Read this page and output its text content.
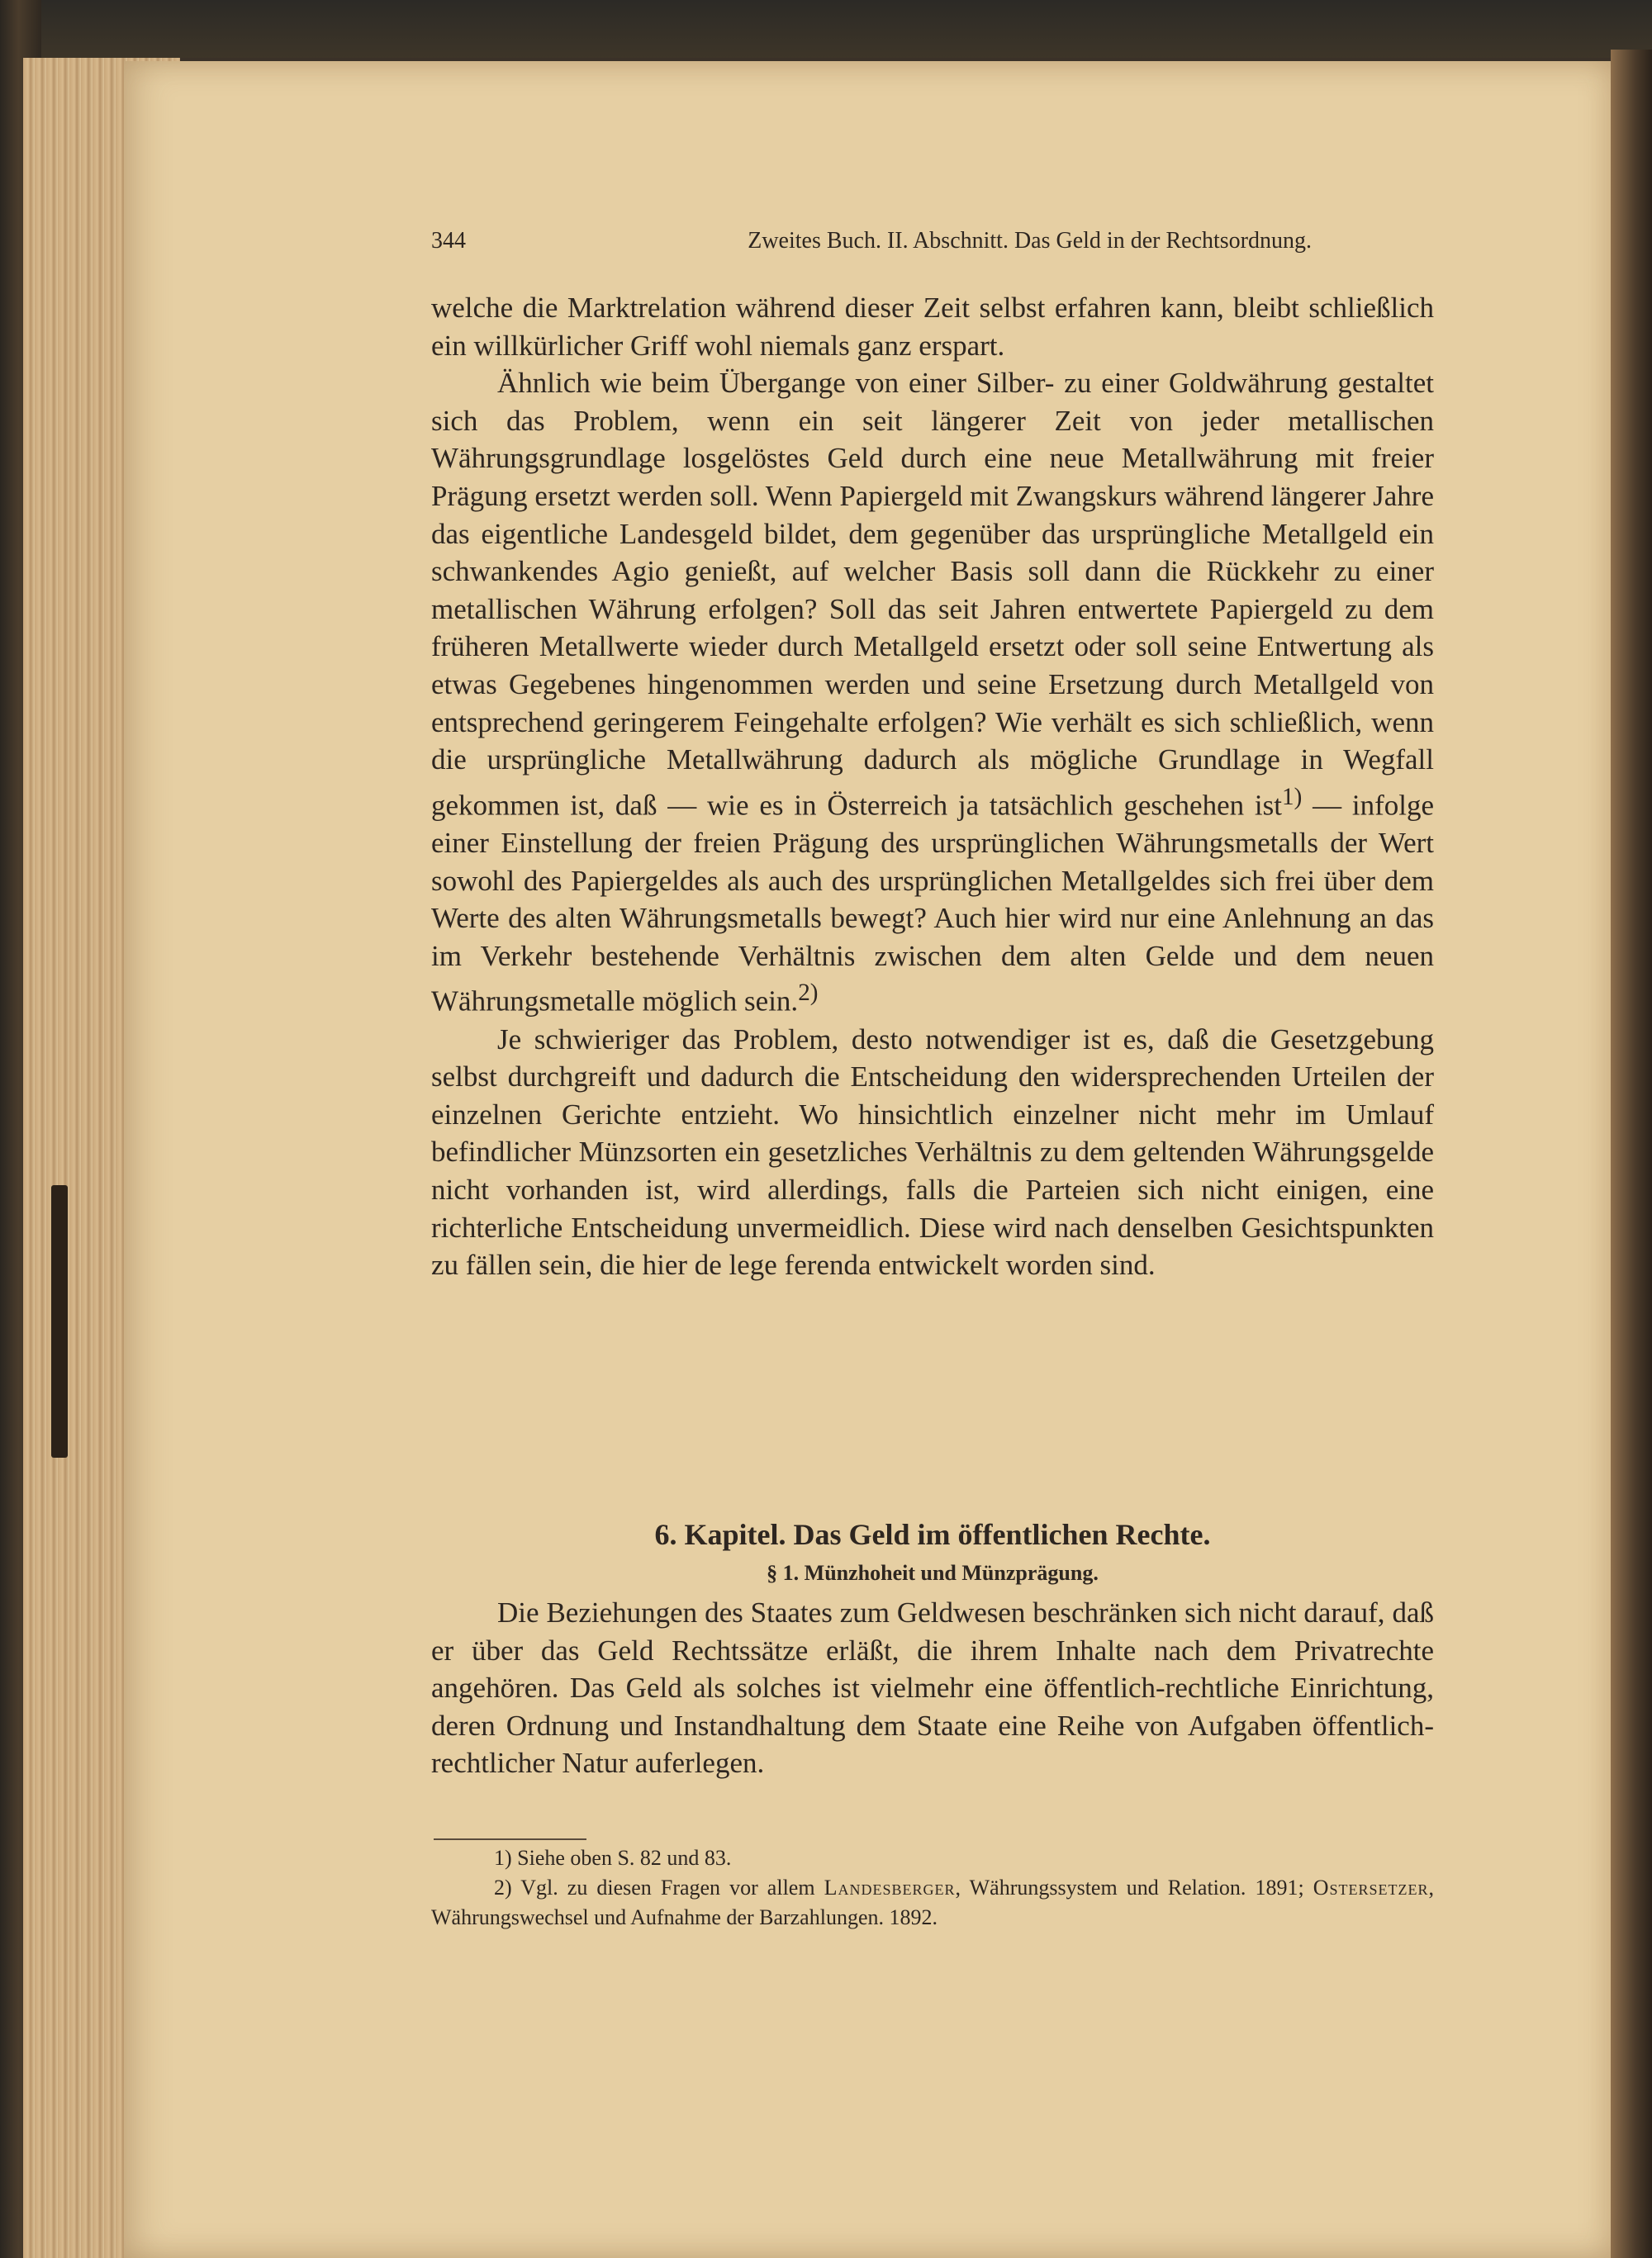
344	Zweites Buch. II. Abschnitt. Das Geld in der Rechtsordnung.

welche die Marktrelation während dieser Zeit selbst erfahren kann, bleibt schließlich ein willkürlicher Griff wohl niemals ganz erspart.

Ähnlich wie beim Übergange von einer Silber- zu einer Goldwährung gestaltet sich das Problem, wenn ein seit längerer Zeit von jeder metallischen Währungsgrundlage losgelöstes Geld durch eine neue Metallwährung mit freier Prägung ersetzt werden soll. Wenn Papiergeld mit Zwangskurs während längerer Jahre das eigentliche Landesgeld bildet, dem gegenüber das ursprüngliche Metallgeld ein schwankendes Agio genießt, auf welcher Basis soll dann die Rückkehr zu einer metallischen Währung erfolgen? Soll das seit Jahren entwertete Papiergeld zu dem früheren Metallwerte wieder durch Metallgeld ersetzt oder soll seine Entwertung als etwas Gegebenes hingenommen werden und seine Ersetzung durch Metallgeld von entsprechend geringerem Feingehalte erfolgen? Wie verhält es sich schließlich, wenn die ursprüngliche Metallwährung dadurch als mögliche Grundlage in Wegfall gekommen ist, daß — wie es in Österreich ja tatsächlich geschehen ist$^{1)}$ — infolge einer Einstellung der freien Prägung des ursprünglichen Währungsmetalls der Wert sowohl des Papiergeldes als auch des ursprünglichen Metallgeldes sich frei über dem Werte des alten Währungsmetalls bewegt? Auch hier wird nur eine Anlehnung an das im Verkehr bestehende Verhältnis zwischen dem alten Gelde und dem neuen Währungsmetalle möglich sein.$^{2)}$

Je schwieriger das Problem, desto notwendiger ist es, daß die Gesetzgebung selbst durchgreift und dadurch die Entscheidung den widersprechenden Urteilen der einzelnen Gerichte entzieht. Wo hinsichtlich einzelner nicht mehr im Umlauf befindlicher Münzsorten ein gesetzliches Verhältnis zu dem geltenden Währungsgelde nicht vorhanden ist, wird allerdings, falls die Parteien sich nicht einigen, eine richterliche Entscheidung unvermeidlich. Diese wird nach denselben Gesichtspunkten zu fällen sein, die hier de lege ferenda entwickelt worden sind.

6. Kapitel. Das Geld im öffentlichen Rechte.
§ 1. Münzhoheit und Münzprägung.

Die Beziehungen des Staates zum Geldwesen beschränken sich nicht darauf, daß er über das Geld Rechtssätze erläßt, die ihrem Inhalte nach dem Privatrechte angehören. Das Geld als solches ist vielmehr eine öffentlich-rechtliche Einrichtung, deren Ordnung und Instandhaltung dem Staate eine Reihe von Aufgaben öffentlich-rechtlicher Natur auferlegen.

1) Siehe oben S. 82 und 83.

2) Vgl. zu diesen Fragen vor allem Landesberger, Währungssystem und Relation. 1891; Ostersetzer, Währungswechsel und Aufnahme der Barzahlungen. 1892.
